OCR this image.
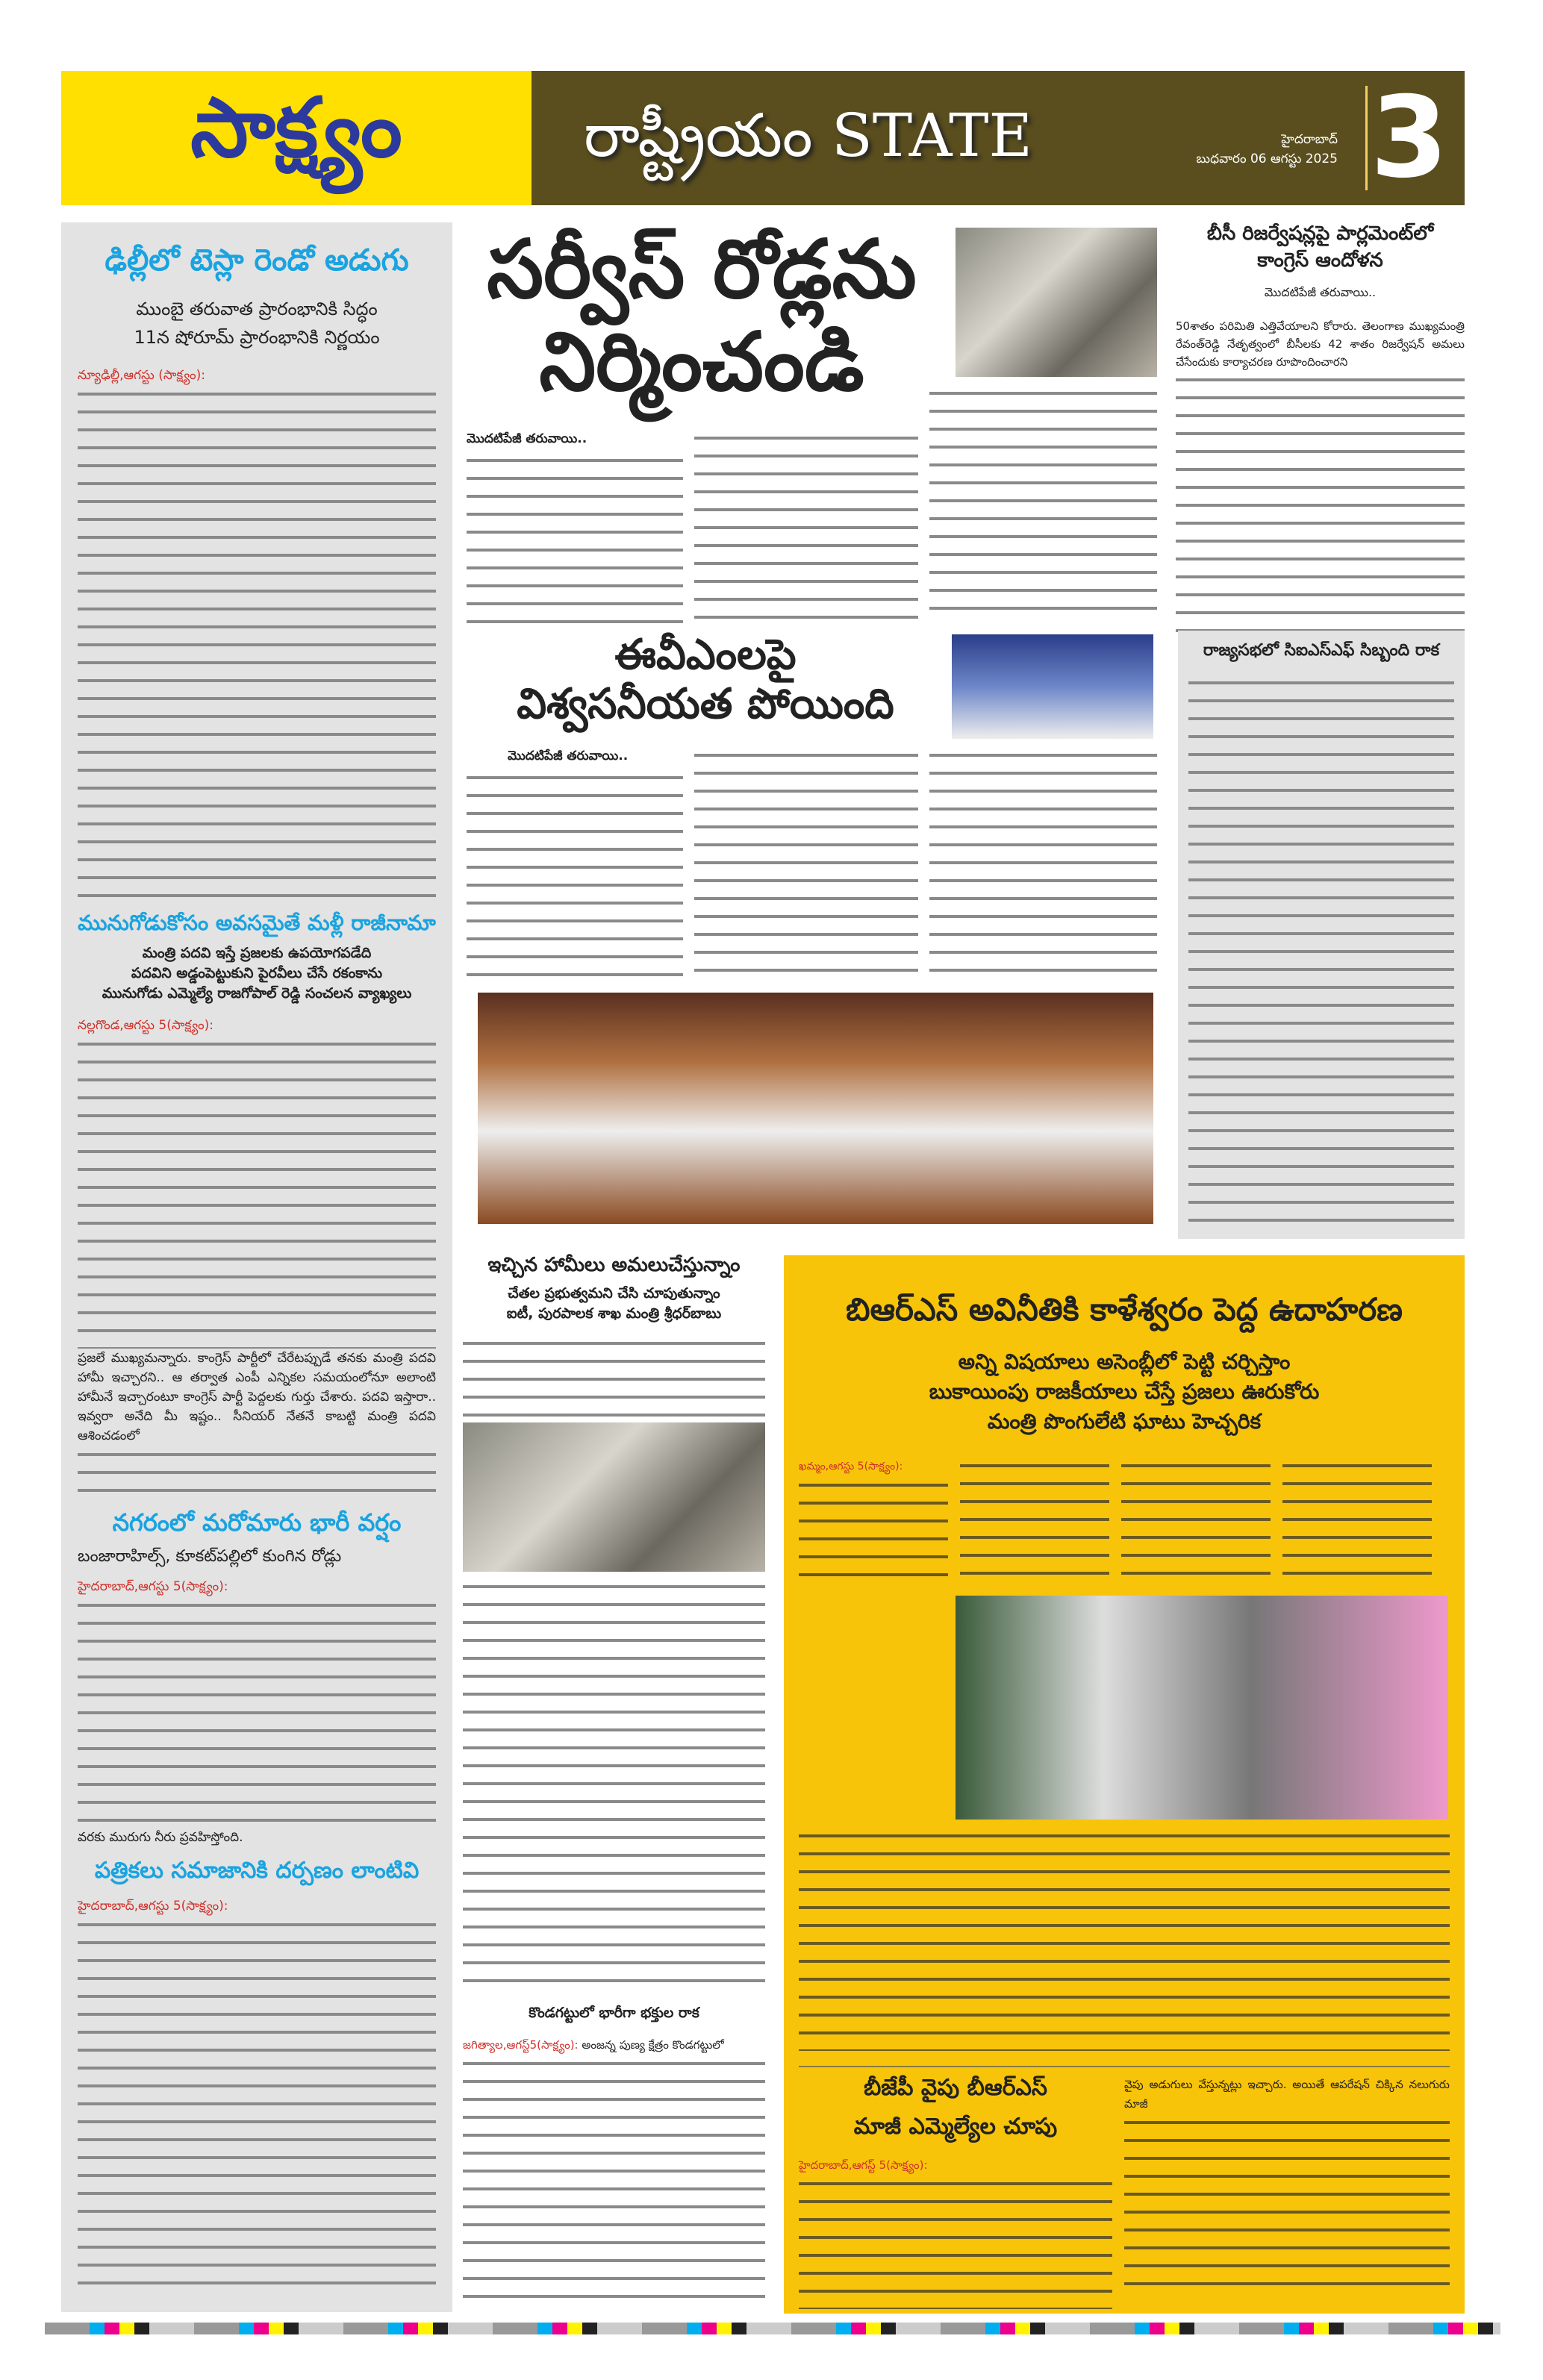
సాక్ష్యం	రాష్ట్రీయం STATE	హైదరాబాద్
బుధవారం 06 ఆగస్టు 2025 3
ఢిల్లీలో టెస్లా రెండో అడుగు
ముంబై తరువాత ప్రారంభానికి సిద్ధం
11న షోరూమ్ ప్రారంభానికి నిర్ణయం
న్యూఢిల్లీ,ఆగస్టు (సాక్ష్యం):
మునుగోడుకోసం అవసమైతే మళ్లీ రాజీనామా
మంత్రి పదవి ఇస్తే ప్రజలకు ఉపయోగపడేది
పదవిని అడ్డంపెట్టుకుని పైరవీలు చేసే రకంకాను
మునుగోడు ఎమ్మెల్యే రాజగోపాల్ రెడ్డి సంచలన వ్యాఖ్యలు
నల్లగొండ,ఆగస్టు 5(సాక్ష్యం):
ప్రజలే ముఖ్యమన్నారు. కాంగ్రెస్ పార్టీలో చేరేటప్పుడే తనకు మంత్రి పదవి హామీ ఇచ్చారని.. ఆ తర్వాత ఎంపీ ఎన్నికల సమయంలోనూ అలాంటి హామీనే ఇచ్చారంటూ కాంగ్రెస్ పార్టీ పెద్దలకు గుర్తు చేశారు. పదవి ఇస్తారా.. ఇవ్వరా అనేది మీ ఇష్టం.. సీనియర్ నేతనే కాబట్టి మంత్రి పదవి ఆశించడంలో
నగరంలో మరోమారు భారీ వర్షం
బంజారాహిల్స్, కూకట్‌పల్లిలో కుంగిన రోడ్లు
హైదరాబాద్,ఆగస్టు 5(సాక్ష్యం):
వరకు మురుగు నీరు ప్రవహిస్తోంది.
పత్రికలు సమాజానికి దర్పణం లాంటివి
హైదరాబాద్,ఆగస్టు 5(సాక్ష్యం):
సర్వీస్ రోడ్లను
నిర్మించండి
మొదటిపేజీ తరువాయి..
బీసీ రిజర్వేషన్లపై పార్లమెంట్‌లో
కాంగ్రెస్ ఆందోళన
మొదటిపేజీ తరువాయి..
50శాతం పరిమితి ఎత్తివేయాలని కోరారు. తెలంగాణ ముఖ్యమంత్రి రేవంత్‌రెడ్డి నేతృత్వంలో బీసీలకు 42 శాతం రిజర్వేషన్ అమలు చేసేందుకు కార్యాచరణ రూపొందించారని
రాజ్యసభలో సిఐఎస్‌ఎఫ్ సిబ్బంది రాక
ఈవీఎంలపై
విశ్వసనీయత పోయింది
మొదటిపేజీ తరువాయి..
ఇచ్చిన హామీలు అమలుచేస్తున్నాం
చేతల ప్రభుత్వమని చేసి చూపుతున్నాం
ఐటీ, పురపాలక శాఖ మంత్రి శ్రీధర్‌బాబు
కొండగట్టులో భారీగా భక్తుల రాక
జగిత్యాల,ఆగస్ట్5(సాక్ష్యం): అంజన్న పుణ్య క్షేత్రం కొండగట్టులో
బిఆర్ఎస్ అవినీతికి కాళేశ్వరం పెద్ద ఉదాహరణ
అన్ని విషయాలు అసెంబ్లీలో పెట్టి చర్చిస్తాం
బుకాయింపు రాజకీయాలు చేస్తే ప్రజలు ఊరుకోరు
మంత్రి పొంగులేటి ఘాటు హెచ్చరిక
ఖమ్మం,ఆగస్టు 5(సాక్ష్యం):
బీజేపీ వైపు బీఆర్ఎస్
మాజీ ఎమ్మెల్యేల చూపు
హైదరాబాద్,ఆగస్ట్ 5(సాక్ష్యం):
వైపు అడుగులు వేస్తున్నట్లు ఇచ్చారు. అయితే ఆపరేషన్ చిక్కిన నలుగురు మాజీ
